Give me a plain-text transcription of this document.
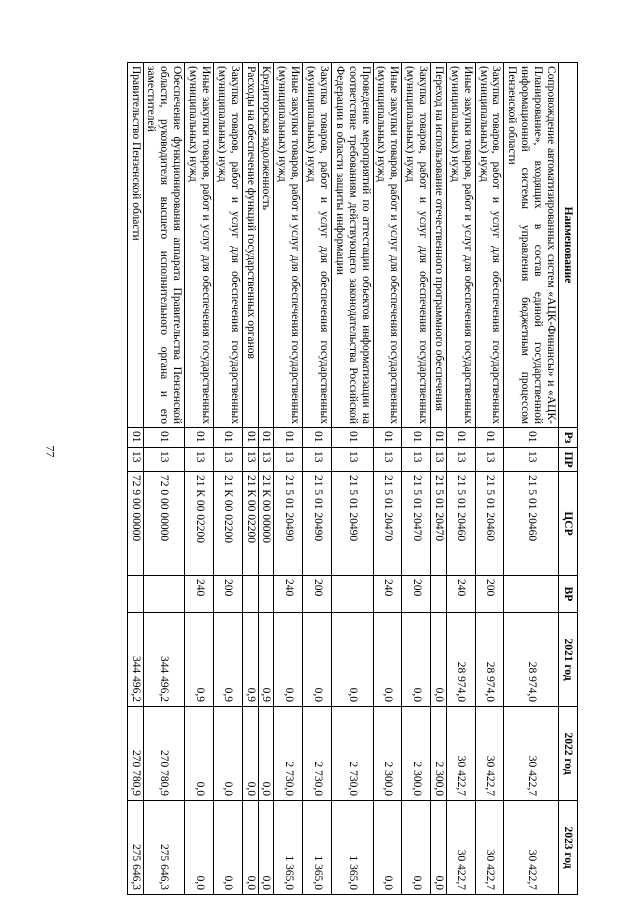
77
Наименование	Рз	ПР	ЦСР	ВР	2021 год	2022 год	2023 год
Сопровождение автоматизированных систем «АЦК-Финансы» и «АЦК-Планирование», входящих в состав единой государственной информационной системы управления бюджетным процессом Пензенской области	01	13	21 5 01 20460		28 974,0	30 422,7	30 422,7
Закупка товаров, работ и услуг для обеспечения государственных (муниципальных) нужд	01	13	21 5 01 20460	200	28 974,0	30 422,7	30 422,7
Иные закупки товаров, работ и услуг для обеспечения государственных (муниципальных) нужд	01	13	21 5 01 20460	240	28 974,0	30 422,7	30 422,7
Переход на использование отечественного программного обеспечения	01	13	21 5 01 20470		0,0	2 300,0	0,0
Закупка товаров, работ и услуг для обеспечения государственных (муниципальных) нужд	01	13	21 5 01 20470	200	0,0	2 300,0	0,0
Иные закупки товаров, работ и услуг для обеспечения государственных (муниципальных) нужд	01	13	21 5 01 20470	240	0,0	2 300,0	0,0
Проведение мероприятий по аттестации объектов информатизации на соответствие требованиям действующего законодательства Российской Федерации в области защиты информации	01	13	21 5 01 20490		0,0	2 730,0	1 365,0
Закупка товаров, работ и услуг для обеспечения государственных (муниципальных) нужд	01	13	21 5 01 20490	200	0,0	2 730,0	1 365,0
Иные закупки товаров, работ и услуг для обеспечения государственных (муниципальных) нужд	01	13	21 5 01 20490	240	0,0	2 730,0	1 365,0
Кредиторская задолженность	01	13	21 К 00 00000		0,9	0,0	0,0
Расходы на обеспечение функций государственных органов	01	13	21 К 00 02200		0,9	0,0	0,0
Закупка товаров, работ и услуг для обеспечения государственных (муниципальных) нужд	01	13	21 К 00 02200	200	0,9	0,0	0,0
Иные закупки товаров, работ и услуг для обеспечения государственных (муниципальных) нужд	01	13	21 К 00 02200	240	0,9	0,0	0,0
Обеспечение функционирования аппарата Правительства Пензенской области, руководителя высшего исполнительного органа и его заместителей	01	13	72 0 00 00000		344 496,2	270 780,9	275 646,3
Правительство Пензенской области	01	13	72 9 00 00000		344 496,2	270 780,9	275 646,3
